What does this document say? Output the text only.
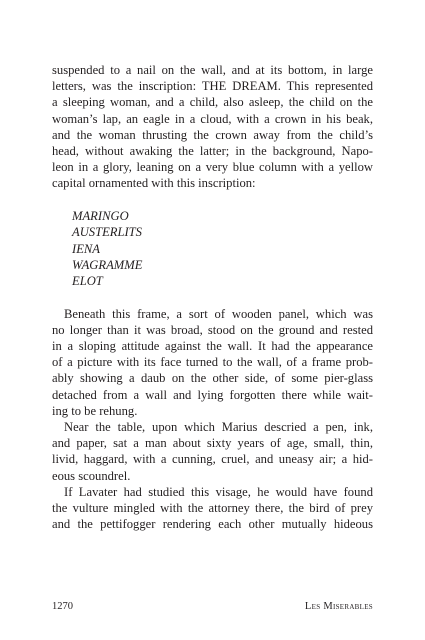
suspended to a nail on the wall, and at its bottom, in large
letters, was the inscription: THE DREAM. This represented
a sleeping woman, and a child, also asleep, the child on the
woman’s lap, an eagle in a cloud, with a crown in his beak,
and the woman thrusting the crown away from the child’s
head, without awaking the latter; in the background, Napo-
leon in a glory, leaning on a very blue column with a yellow
capital ornamented with this inscription:

MARINGO
AUSTERLITS
IENA
WAGRAMME
ELOT

Beneath this frame, a sort of wooden panel, which was
no longer than it was broad, stood on the ground and rested
in a sloping attitude against the wall. It had the appearance
of a picture with its face turned to the wall, of a frame prob-
ably showing a daub on the other side, of some pier-glass
detached from a wall and lying forgotten there while wait-
ing to be rehung.

Near the table, upon which Marius descried a pen, ink,
and paper, sat a man about sixty years of age, small, thin,
livid, haggard, with a cunning, cruel, and uneasy air; a hid-
eous scoundrel.

If Lavater had studied this visage, he would have found
the vulture mingled with the attorney there, the bird of prey
and the pettifogger rendering each other mutually hideous

1270	Les Miserables
